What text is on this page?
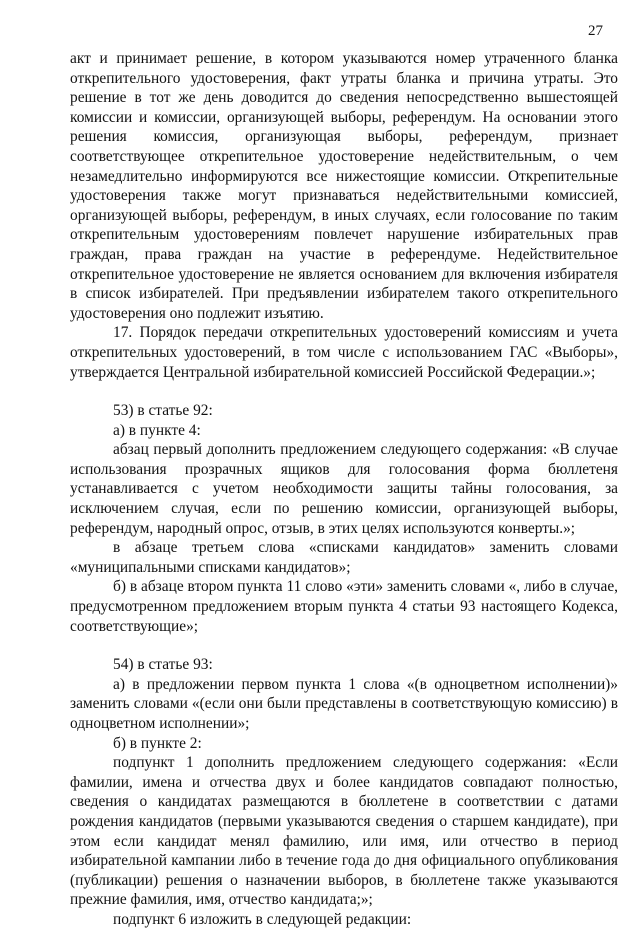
27

акт и принимает решение, в котором указываются номер утраченного бланка открепительного удостоверения, факт утраты бланка и причина утраты. Это решение в тот же день доводится до сведения непосредственно вышестоящей комиссии и комиссии, организующей выборы, референдум. На основании этого решения комиссия, организующая выборы, референдум, признает соответствующее открепительное удостоверение недействительным, о чем незамедлительно информируются все нижестоящие комиссии. Открепительные удостоверения также могут признаваться недействительными комиссией, организующей выборы, референдум, в иных случаях, если голосование по таким открепительным удостоверениям повлечет нарушение избирательных прав граждан, права граждан на участие в референдуме. Недействительное открепительное удостоверение не является основанием для включения избирателя в список избирателей. При предъявлении избирателем такого открепительного удостоверения оно подлежит изъятию.

17. Порядок передачи открепительных удостоверений комиссиям и учета открепительных удостоверений, в том числе с использованием ГАС «Выборы», утверждается Центральной избирательной комиссией Российской Федерации.»;

53) в статье 92:

а) в пункте 4:

абзац первый дополнить предложением следующего содержания: «В случае использования прозрачных ящиков для голосования форма бюллетеня устанавливается с учетом необходимости защиты тайны голосования, за исключением случая, если по решению комиссии, организующей выборы, референдум, народный опрос, отзыв, в этих целях используются конверты.»;

в абзаце третьем слова «списками кандидатов» заменить словами «муниципальными списками кандидатов»;

б) в абзаце втором пункта 11 слово «эти» заменить словами «, либо в случае, предусмотренном предложением вторым пункта 4 статьи 93 настоящего Кодекса, соответствующие»;

54) в статье 93:

а) в предложении первом пункта 1 слова «(в одноцветном исполнении)» заменить словами «(если они были представлены в соответствующую комиссию) в одноцветном исполнении»;

б) в пункте 2:

подпункт 1 дополнить предложением следующего содержания: «Если фамилии, имена и отчества двух и более кандидатов совпадают полностью, сведения о кандидатах размещаются в бюллетене в соответствии с датами рождения кандидатов (первыми указываются сведения о старшем кандидате), при этом если кандидат менял фамилию, или имя, или отчество в период избирательной кампании либо в течение года до дня официального опубликования (публикации) решения о назначении выборов, в бюллетене также указываются прежние фамилия, имя, отчество кандидата;»;

подпункт 6 изложить в следующей редакции:
